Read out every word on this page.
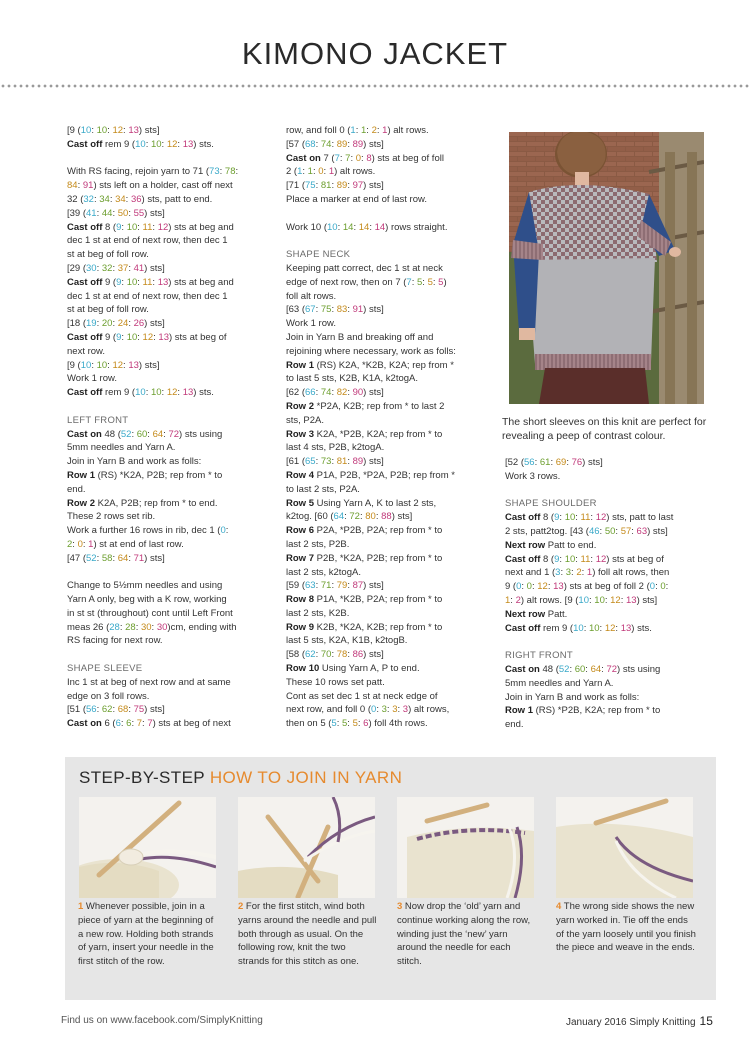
KIMONO JACKET

[9 (10: 10: 12: 13) sts]

Cast off rem 9 (10: 10: 12: 13) sts.

With RS facing, rejoin yarn to 71 (73: 78:

84: 91) sts left on a holder, cast off next

32 (32: 34: 34: 36) sts, patt to end.

[39 (41: 44: 50: 55) sts]

Cast off 8 (9: 10: 11: 12) sts at beg and

dec 1 st at end of next row, then dec 1

st at beg of foll row.

[29 (30: 32: 37: 41) sts]

Cast off 9 (9: 10: 11: 13) sts at beg and

dec 1 st at end of next row, then dec 1

st at beg of foll row.

[18 (19: 20: 24: 26) sts]

Cast off 9 (9: 10: 12: 13) sts at beg of

next row.

[9 (10: 10: 12: 13) sts]

Work 1 row.

Cast off rem 9 (10: 10: 12: 13) sts.

LEFT FRONT

Cast on 48 (52: 60: 64: 72) sts using

5mm needles and Yarn A.

Join in Yarn B and work as folls:

Row 1 (RS) *K2A, P2B; rep from * to

end.

Row 2 K2A, P2B; rep from * to end.

These 2 rows set rib.

Work a further 16 rows in rib, dec 1 (0:

2: 0: 1) st at end of last row.

[47 (52: 58: 64: 71) sts]

Change to 5½mm needles and using

Yarn A only, beg with a K row, working

in st st (throughout) cont until Left Front

meas 26 (28: 28: 30: 30)cm, ending with

RS facing for next row.

SHAPE SLEEVE

Inc 1 st at beg of next row and at same

edge on 3 foll rows.

[51 (56: 62: 68: 75) sts]

Cast on 6 (6: 6: 7: 7) sts at beg of next

row, and foll 0 (1: 1: 2: 1) alt rows.

[57 (68: 74: 89: 89) sts]

Cast on 7 (7: 7: 0: 8) sts at beg of foll

2 (1: 1: 0: 1) alt rows.

[71 (75: 81: 89: 97) sts]

Place a marker at end of last row.

Work 10 (10: 14: 14: 14) rows straight.

SHAPE NECK

Keeping patt correct, dec 1 st at neck

edge of next row, then on 7 (7: 5: 5: 5)

foll alt rows.

[63 (67: 75: 83: 91) sts]

Work 1 row.

Join in Yarn B and breaking off and

rejoining where necessary, work as folls:

Row 1 (RS) K2A, *K2B, K2A; rep from *

to last 5 sts, K2B, K1A, k2togA.

[62 (66: 74: 82: 90) sts]

Row 2 *P2A, K2B; rep from * to last 2

sts, P2A.

Row 3 K2A, *P2B, K2A; rep from * to

last 4 sts, P2B, k2togA.

[61 (65: 73: 81: 89) sts]

Row 4 P1A, P2B, *P2A, P2B; rep from *

to last 2 sts, P2A.

Row 5 Using Yarn A, K to last 2 sts,

k2tog. [60 (64: 72: 80: 88) sts]

Row 6 P2A, *P2B, P2A; rep from * to

last 2 sts, P2B.

Row 7 P2B, *K2A, P2B; rep from * to

last 2 sts, k2togA.

[59 (63: 71: 79: 87) sts]

Row 8 P1A, *K2B, P2A; rep from * to

last 2 sts, K2B.

Row 9 K2B, *K2A, K2B; rep from * to

last 5 sts, K2A, K1B, k2togB.

[58 (62: 70: 78: 86) sts]

Row 10 Using Yarn A, P to end.

These 10 rows set patt.

Cont as set dec 1 st at neck edge of

next row, and foll 0 (0: 3: 3: 3) alt rows,

then on 5 (5: 5: 5: 6) foll 4th rows.

The short sleeves on this knit are perfect for revealing a peep of contrast colour.

[52 (56: 61: 69: 76) sts]

Work 3 rows.

SHAPE SHOULDER

Cast off 8 (9: 10: 11: 12) sts, patt to last

2 sts, patt2tog. [43 (46: 50: 57: 63) sts]

Next row Patt to end.

Cast off 8 (9: 10: 11: 12) sts at beg of

next and 1 (3: 3: 2: 1) foll alt rows, then

9 (0: 0: 12: 13) sts at beg of foll 2 (0: 0:

1: 2) alt rows. [9 (10: 10: 12: 13) sts]

Next row Patt.

Cast off rem 9 (10: 10: 12: 13) sts.

RIGHT FRONT

Cast on 48 (52: 60: 64: 72) sts using

5mm needles and Yarn A.

Join in Yarn B and work as folls:

Row 1 (RS) *P2B, K2A; rep from * to

end.

STEP-BY-STEP HOW TO JOIN IN YARN
1 Whenever possible, join in a piece of yarn at the beginning of a new row. Holding both strands of yarn, insert your needle in the first stitch of the row.
2 For the first stitch, wind both yarns around the needle and pull both through as usual. On the following row, knit the two strands for this stitch as one.
3 Now drop the ‘old’ yarn and continue working along the row, winding just the ‘new’ yarn around the needle for each stitch.
4 The wrong side shows the new yarn worked in. Tie off the ends of the yarn loosely until you finish the piece and weave in the ends.
Find us on www.facebook.com/SimplyKnitting	January 2016 Simply Knitting 15
